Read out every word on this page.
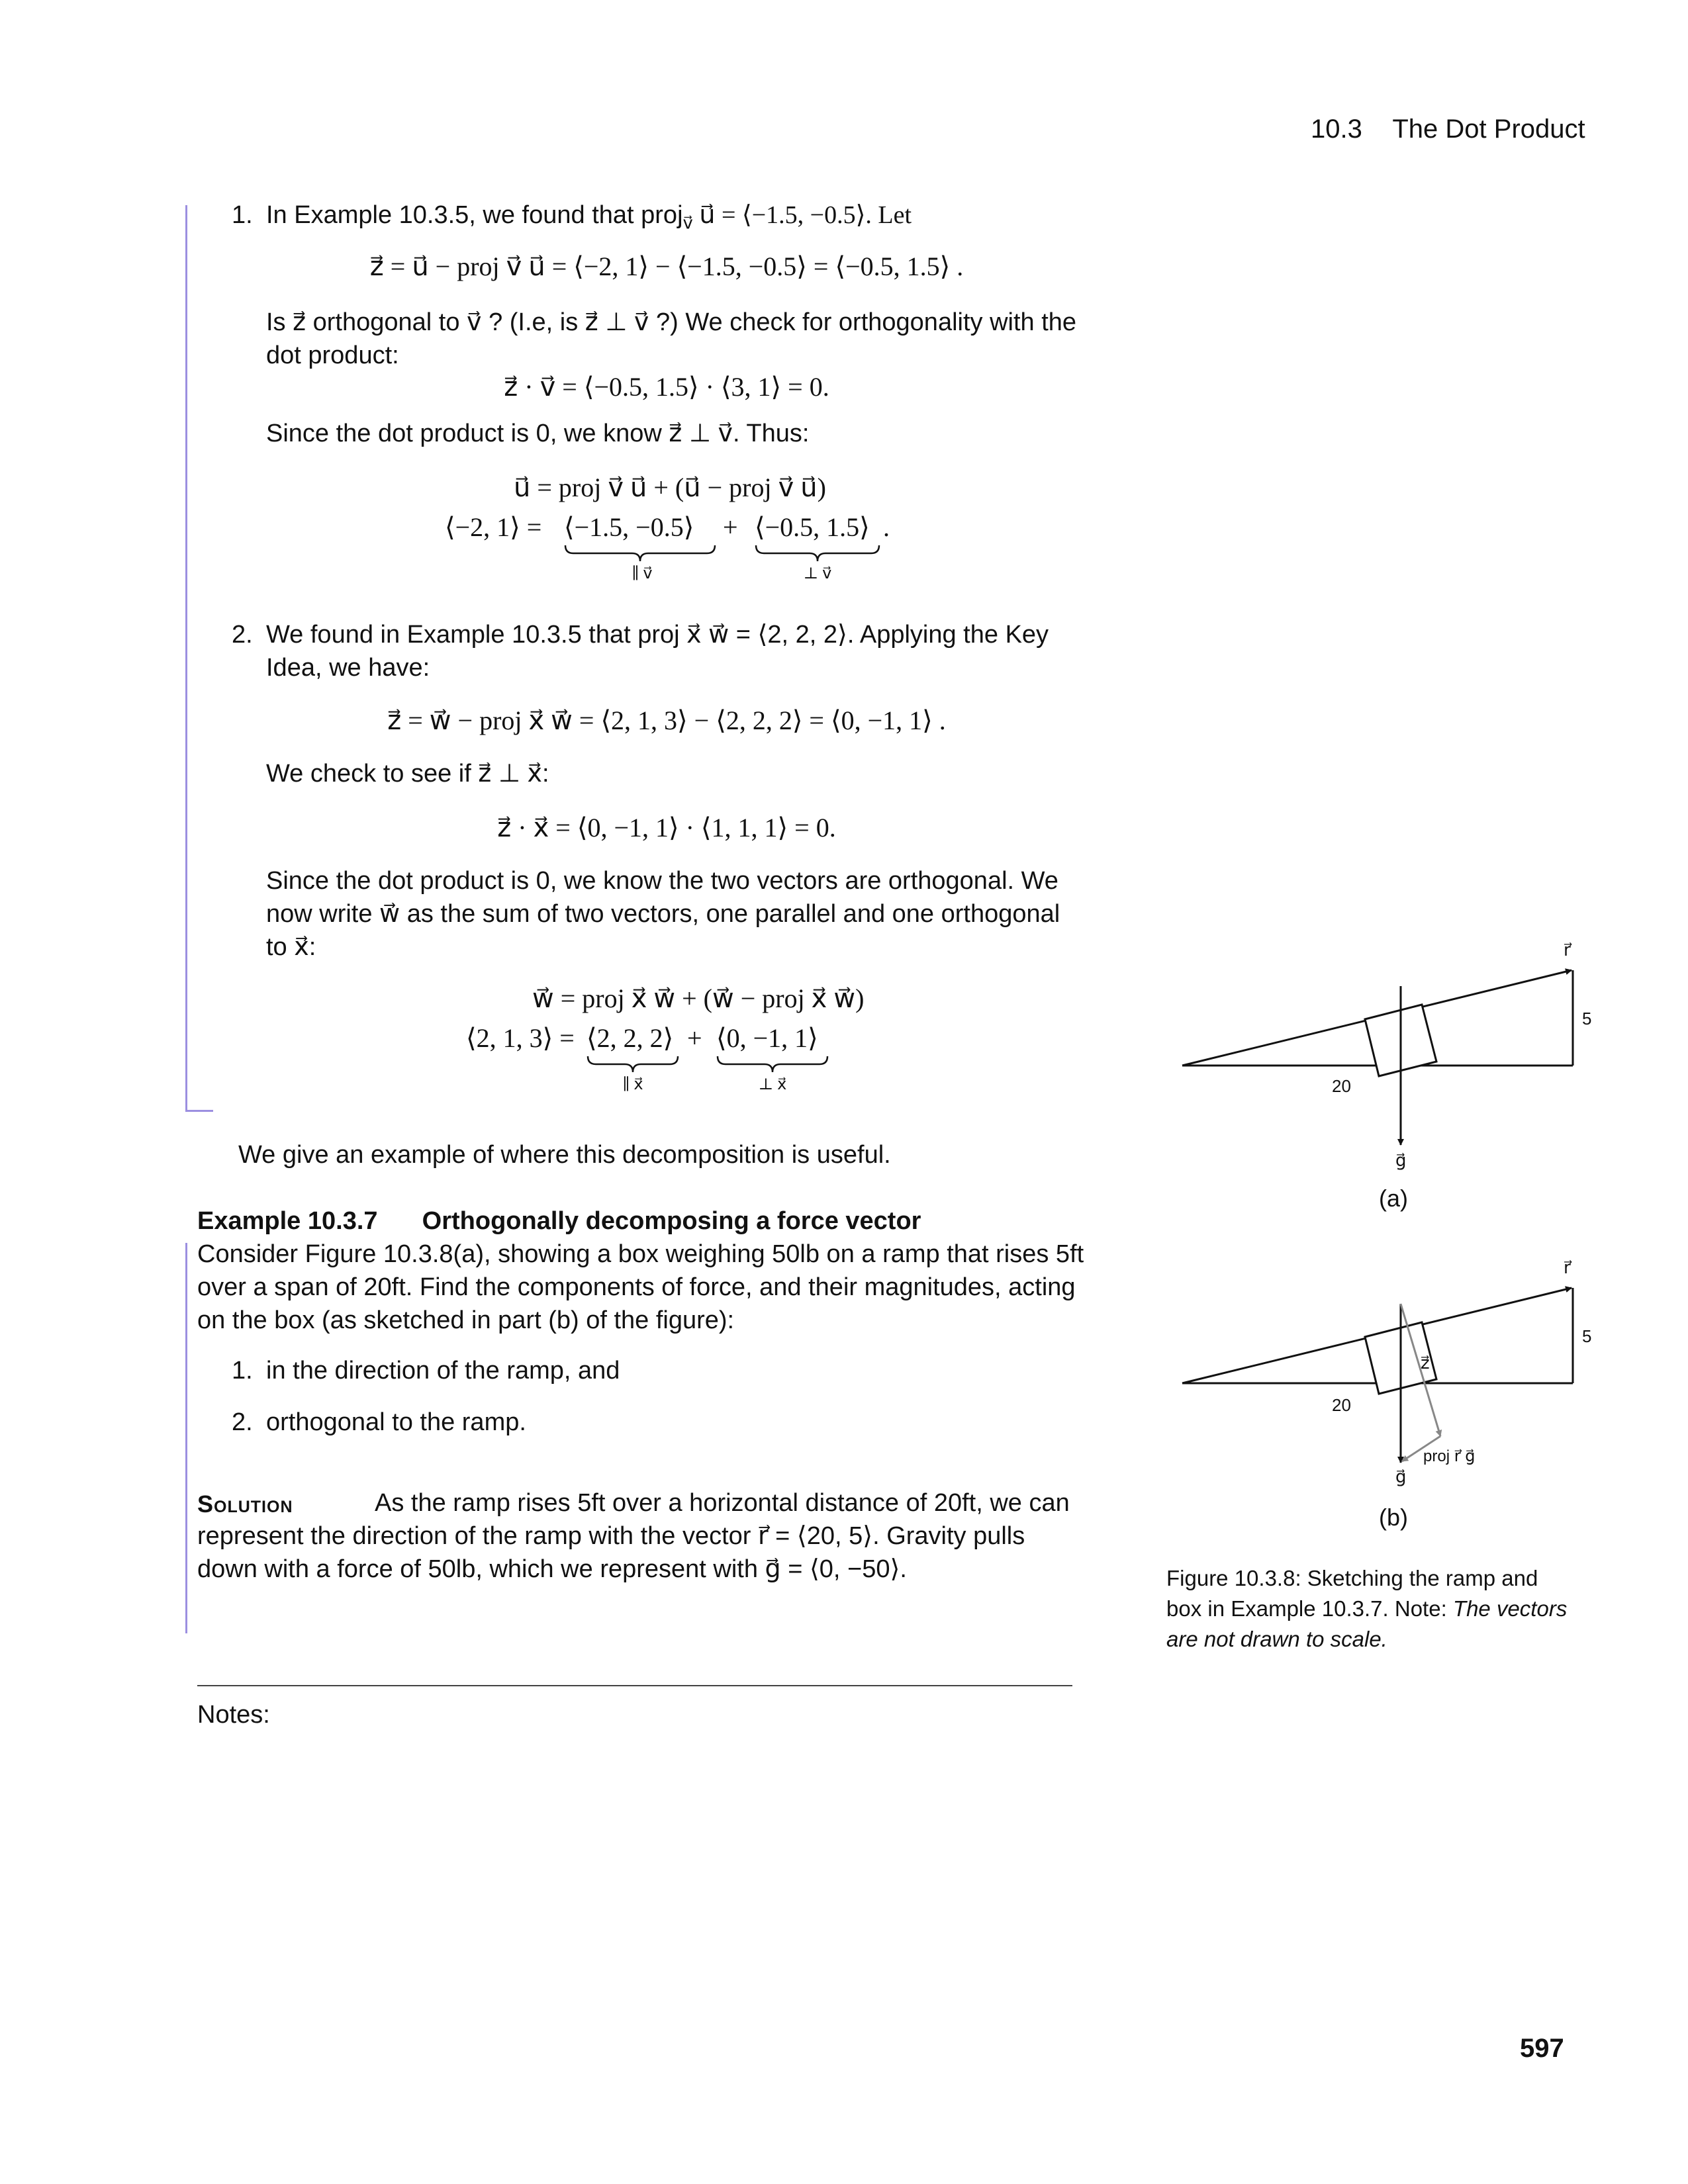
10.3 The Dot Product
1. In Example 10.3.5, we found that proj$_{v⃗}$ u⃗ = ⟨−1.5, −0.5⟩. Let
z⃗ = u⃗ − proj v⃗ u⃗ = ⟨−2, 1⟩ − ⟨−1.5, −0.5⟩ = ⟨−0.5, 1.5⟩ .
Is z⃗ orthogonal to v⃗ ? (I.e, is z⃗ ⊥ v⃗ ?) We check for orthogonality with the
dot product:
z⃗ · v⃗ = ⟨−0.5, 1.5⟩ · ⟨3, 1⟩ = 0.
Since the dot product is 0, we know z⃗ ⊥ v⃗. Thus:
u⃗ = proj v⃗ u⃗ + (u⃗ − proj v⃗ u⃗)
⟨−2, 1⟩ = ⟨−1.5, −0.5⟩ + ⟨−0.5, 1.5⟩ .
∥ v⃗	⊥ v⃗
2. We found in Example 10.3.5 that proj x⃗ w⃗ = ⟨2, 2, 2⟩. Applying the Key
Idea, we have:
z⃗ = w⃗ − proj x⃗ w⃗ = ⟨2, 1, 3⟩ − ⟨2, 2, 2⟩ = ⟨0, −1, 1⟩ .
We check to see if z⃗ ⊥ x⃗:
z⃗ · x⃗ = ⟨0, −1, 1⟩ · ⟨1, 1, 1⟩ = 0.
Since the dot product is 0, we know the two vectors are orthogonal. We
now write w⃗ as the sum of two vectors, one parallel and one orthogonal
to x⃗:
w⃗ = proj x⃗ w⃗ + (w⃗ − proj x⃗ w⃗)
⟨2, 1, 3⟩ = ⟨2, 2, 2⟩ + ⟨0, −1, 1⟩
∥ x⃗	⊥ x⃗
We give an example of where this decomposition is useful.
Example 10.3.7 Orthogonally decomposing a force vector
Consider Figure 10.3.8(a), showing a box weighing 50lb on a ramp that rises 5ft
over a span of 20ft. Find the components of force, and their magnitudes, acting
on the box (as sketched in part (b) of the figure):
1. in the direction of the ramp, and
2. orthogonal to the ramp.
Solution	As the ramp rises 5ft over a horizontal distance of 20ft, we can
represent the direction of the ramp with the vector r⃗ = ⟨20, 5⟩. Gravity pulls
down with a force of 50lb, which we represent with g⃗ = ⟨0, −50⟩.
Notes:
r⃗
5
20
g⃗
(a)
r⃗
5
z⃗
20
proj r⃗ g⃗
g⃗
(b)
Figure 10.3.8: Sketching the ramp and
box in Example 10.3.7. Note: The vectors
are not drawn to scale.
597
